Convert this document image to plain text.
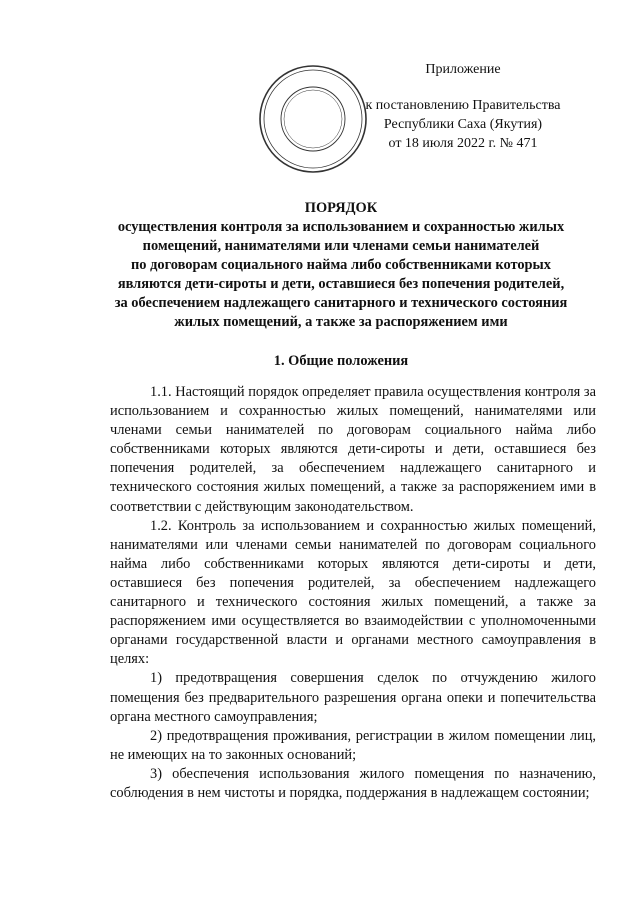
Приложение
к постановлению Правительства
Республики Саха (Якутия)
от 18 июля 2022 г. № 471
ПОРЯДОК
осуществления контроля за использованием и сохранностью жилых
помещений, нанимателями или членами семьи нанимателей
по договорам социального найма либо собственниками которых
являются дети-сироты и дети, оставшиеся без попечения родителей,
за обеспечением надлежащего санитарного и технического состояния
жилых помещений, а также за распоряжением ими
1. Общие положения

1.1. Настоящий порядок определяет правила осуществления контроля за использованием и сохранностью жилых помещений, нанимателями или членами семьи нанимателей по договорам социального найма либо собственниками которых являются дети-сироты и дети, оставшиеся без попечения родителей, за обеспечением надлежащего санитарного и технического состояния жилых помещений, а также за распоряжением ими в соответствии с действующим законодательством.

1.2. Контроль за использованием и сохранностью жилых помещений, нанимателями или членами семьи нанимателей по договорам социального найма либо собственниками которых являются дети-сироты и дети, оставшиеся без попечения родителей, за обеспечением надлежащего санитарного и технического состояния жилых помещений, а также за распоряжением ими осуществляется во взаимодействии с уполномоченными органами государственной власти и органами местного самоуправления в целях:

1) предотвращения совершения сделок по отчуждению жилого помещения без предварительного разрешения органа опеки и попечительства органа местного самоуправления;

2) предотвращения проживания, регистрации в жилом помещении лиц, не имеющих на то законных оснований;

3) обеспечения использования жилого помещения по назначению, соблюдения в нем чистоты и порядка, поддержания в надлежащем состоянии;
